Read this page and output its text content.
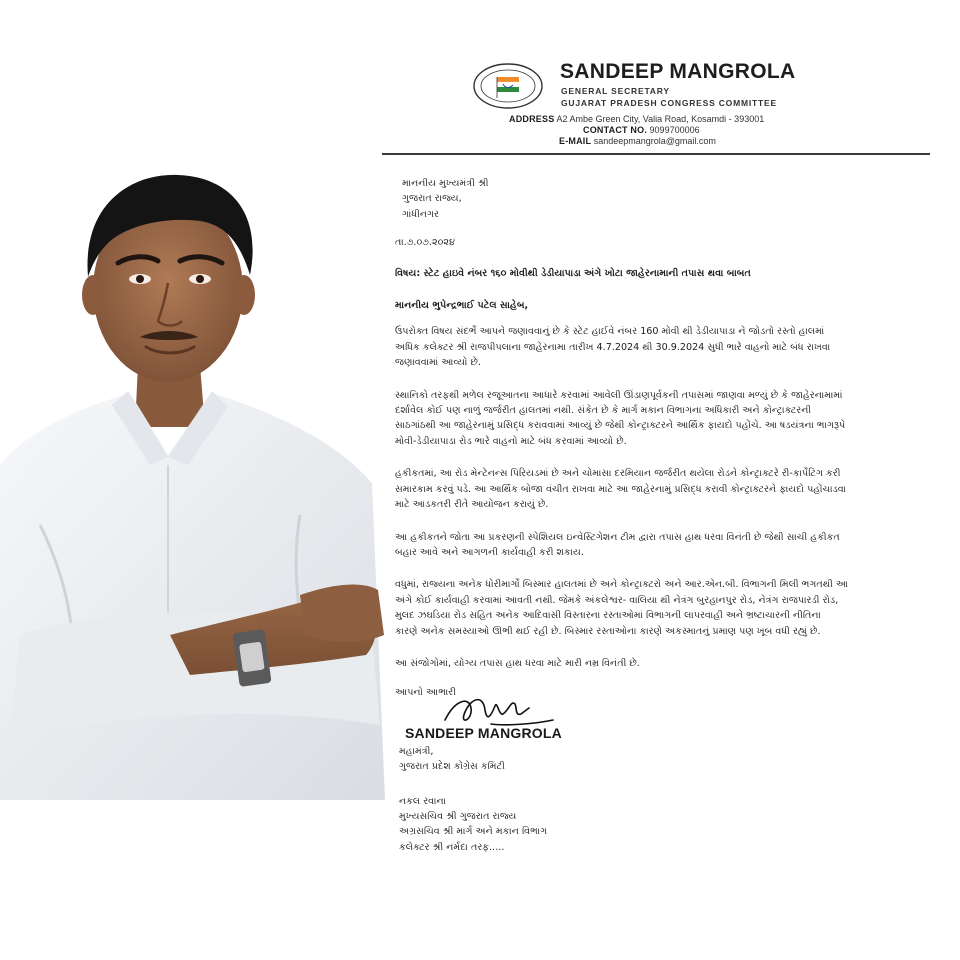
SANDEEP MANGROLA
GENERAL SECRETARY
GUJARAT PRADESH CONGRESS COMMITTEE
ADDRESS A2 Ambe Green City, Valia Road, Kosamdi - 393001
CONTACT NO. 9099700006
E-MAIL sandeepmangrola@gmail.com
માનનીય મુખ્યમંત્રી શ્રી
ગુજરાત રાજ્ય,
ગાંધીનગર
તા.૭.૦૭.૨૦૨૪
વિષય: સ્ટેટ હાઇવે નંબર ૧૬૦ મોવીથી ડેડીયાપાડા અંગે ખોટા જાહેરનામાની તપાસ થવા બાબત
માનનીય ભુપેન્દ્રભાઈ પટેલ સાહેબ,
ઉપરોક્ત વિષય સંદર્ભે આપને જણાવવાનું છે કે સ્ટેટ હાઈવે નંબર 160 મોવી થી ડેડીયાપાડા ને જોડતો રસ્તો હાલમાં
અધિક કલેક્ટર શ્રી રાજપીપલાના જાહેરનામા તારીખ 4.7.2024 થી 30.9.2024 સુધી ભારે વાહનો માટે બંધ રાખવા
જણાવવામાં આવ્યો છે.
સ્થાનિકો તરફથી મળેલ રજૂઆતના આધારે કરવામાં આવેલી ઊંડાણપૂર્વકની તપાસમાં જાણવા મળ્યું છે કે જાહેરનામામાં
દર્શાવેલ કોઈ પણ નાળું જર્જરીત હાલતમાં નથી. સંકેત છે કે માર્ગ મકાન વિભાગના અધિકારી અને કોન્ટ્રાક્ટરની
સાઠગાંઠથી આ જાહેરનામું પ્રસિદ્ધ કરાવવામાં આવ્યું છે જેથી કોન્ટ્રાક્ટરને આર્થિક ફાયદો પહોંચે. આ ષડયંત્રના ભાગરૂપે
મોવી-ડેડીયાપાડા રોડ ભારે વાહનો માટે બંધ કરવામાં આવ્યો છે.
હકીકતમાં, આ રોડ મેન્ટેનન્સ પિરિયડમાં છે અને ચોમાસા દરમિયાન જર્જરીત થયેલા રોડને કોન્ટ્રાક્ટરે રી-કાર્પેટિંગ કરી
સમારકામ કરવું પડે. આ આર્થિક બોજા વંચીત રાખવા માટે આ જાહેરનામું પ્રસિદ્ધ કરાવી કોન્ટ્રાક્ટરને ફાયદો પહોંચાડવા
માટે આડકતરી રીતે આયોજન કરાયું છે.
આ હકીકતને જોતા આ પ્રકરણની સ્પેશિયલ ઇન્વેસ્ટિગેશન ટીમ દ્વારા તપાસ હાથ ધરવા વિનંતી છે જેથી સાચી હકીકત
બહાર આવે અને આગળની કાર્યવાહી કરી શકાય.
વધુમાં, રાજ્યના અનેક ધોરીમાર્ગો બિસ્માર હાલતમાં છે અને કોન્ટ્રાક્ટરો અને આર.એન.બી. વિભાગની મિલી ભગતથી આ
અંગે કોઈ કાર્યવાહી કરવામાં આવતી નથી. જેમકે અંકલેશ્વર- વાલિયા થી નેત્રંગ બુરહાનપુર રોડ, નેત્રંગ રાજપારડી રોડ,
મુલદ ઝઘડિયા રોડ સહિત અનેક આદિવાસી વિસ્તારના રસ્તાઓમાં વિભાગની લાપરવાહી અને ભ્રષ્ટાચારની નીતિના
કારણે અનેક સમસ્યાઓ ઊભી થઈ રહી છે. બિસ્માર રસ્તાઓના કારણે અકસ્માતનું પ્રમાણ પણ ખૂબ વધી રહ્યું છે.
આ સંજોગોમાં, યોગ્ય તપાસ હાથ ધરવા માટે મારી નમ્ર વિનંતી છે.
આપનો આભારી
SANDEEP MANGROLA
મહામંત્રી,
ગુજરાત પ્રદેશ કોંગ્રેસ કમિટી
નકલ રવાના
મુખ્યસચિવ શ્રી ગુજરાત રાજ્ય
અગ્રસચિવ શ્રી માર્ગ અને મકાન વિભાગ
કલેક્ટર શ્રી નર્મદા તરફ.....
